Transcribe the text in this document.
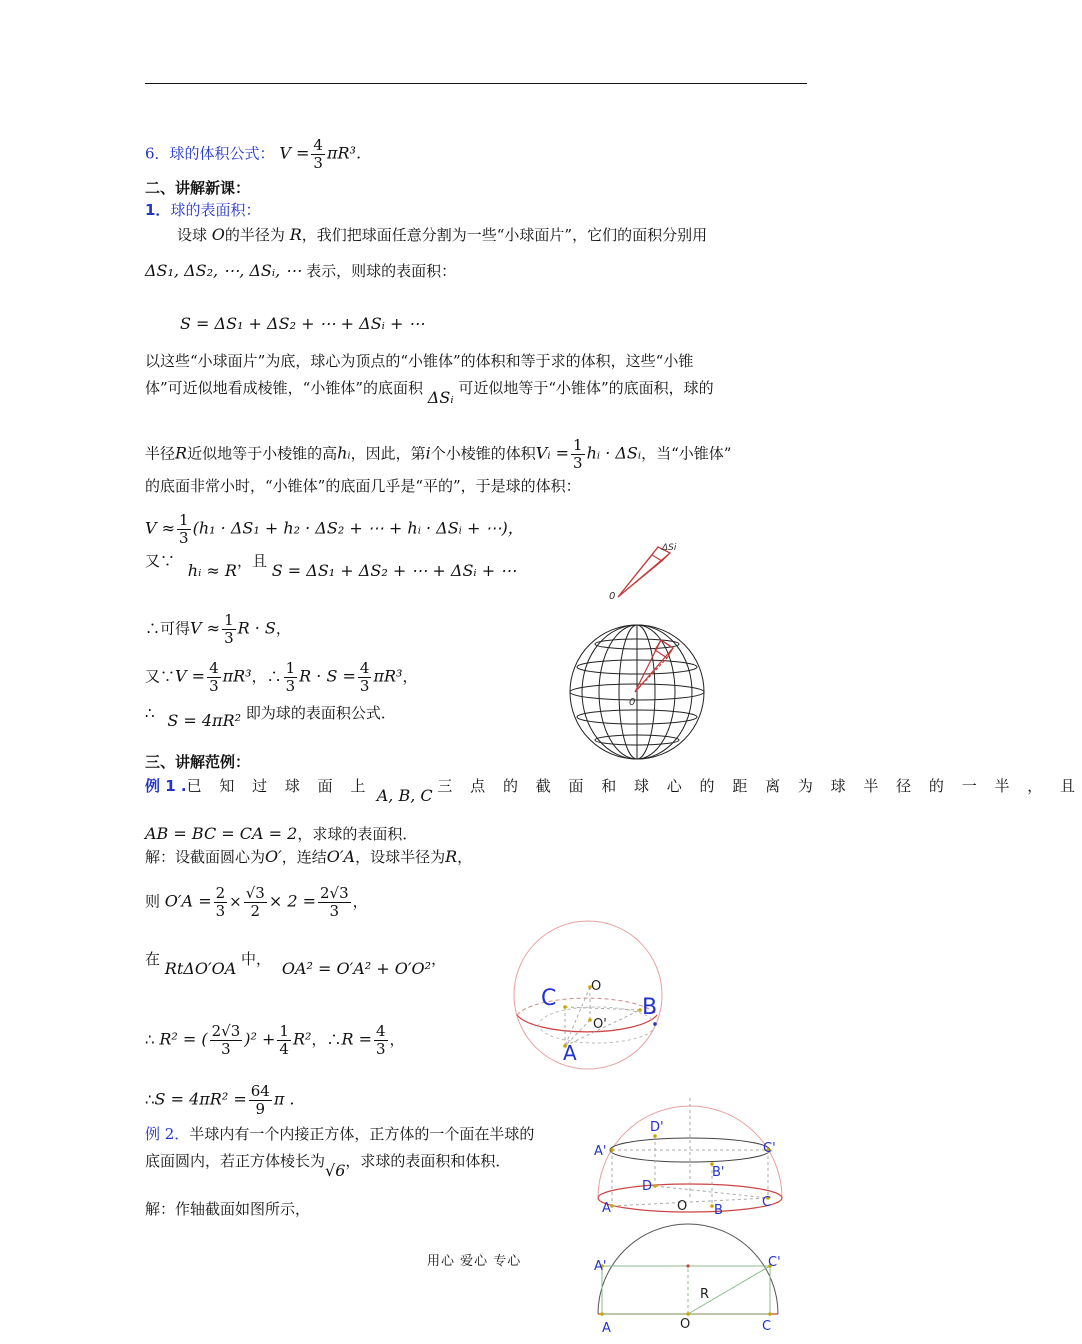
6．球的体积公式： $V = \frac{4}{3} \pi R^3$．
二、讲解新课：
1．球的表面积：
设球 O的半径为 R，我们把球面任意分割为一些“小球面片”，它们的面积分别用
ΔS₁, ΔS₂, ⋯, ΔSᵢ, ⋯ 表示，则球的表面积：
S = ΔS₁ + ΔS₂ + ⋯ + ΔSᵢ + ⋯
以这些“小球面片”为底，球心为顶点的“小锥体”的体积和等于求的体积，这些“小锥
体”可近似地看成棱锥，“小锥体”的底面积 ΔSᵢ 可近似地等于“小锥体”的底面积，球的
半径R近似地等于小棱锥的高hᵢ，因此，第i个小棱锥的体积Vᵢ = $\frac{1}{3}$ hᵢ · ΔSᵢ，当“小锥体”
的底面非常小时，“小锥体”的底面几乎是“平的”，于是球的体积：
$V \approx \frac{1}{3} (h_1 \cdot \Delta S_1 + h_2 \cdot \Delta S_2$ + ⋯ + hᵢ · ΔSᵢ + ⋯)，
又∵ hᵢ ≈ R，且 S = ΔS₁ + ΔS₂ + ⋯ + ΔSᵢ + ⋯
∴可得$V \approx \frac{1}{3}$ R · S，
又∵V = $\frac{4}{3} \pi R^3$，∴ $\frac{1}{3}$ $R \cdot S = \frac{4}{3} \pi R^3$，
∴ S = 4πR² 即为球的表面积公式．
三、讲解范例：
例 1 .已 知 过 球 面 上 A, B, C 三 点 的 截 面 和 球 心 的 距 离 为 球 半 径 的 一 半 ， 且
AB = BC = CA = 2，求球的表面积．
解：设截面圆心为O′，连结O′A，设球半径为R，
则 $O'A = \frac{2}{3} \times \frac{√3}{2} \times 2 = \frac{2√3}{3}$ ，
在 RtΔO′OA 中， OA² = O′A² + O′O²，
∴ R² = ( $\frac{2√3}{3} )^2 + \frac{1}{4} R^2$，∴R = $\frac{4}{3}$ ，
∴S = $4\pi R^2 = \frac{64}{9}$ π .
例 2．半球内有一个内接正方体，正方体的一个面在半球的
底面圆内，若正方体棱长为√6，求球的表面积和体积．
解：作轴截面如图所示，
用心 爱心 专心
ΔSi
0
0
C	O
B
O'
A
D'
A'	C'
B'
D
A	O B
C
A'	C'
R
A	O	C
